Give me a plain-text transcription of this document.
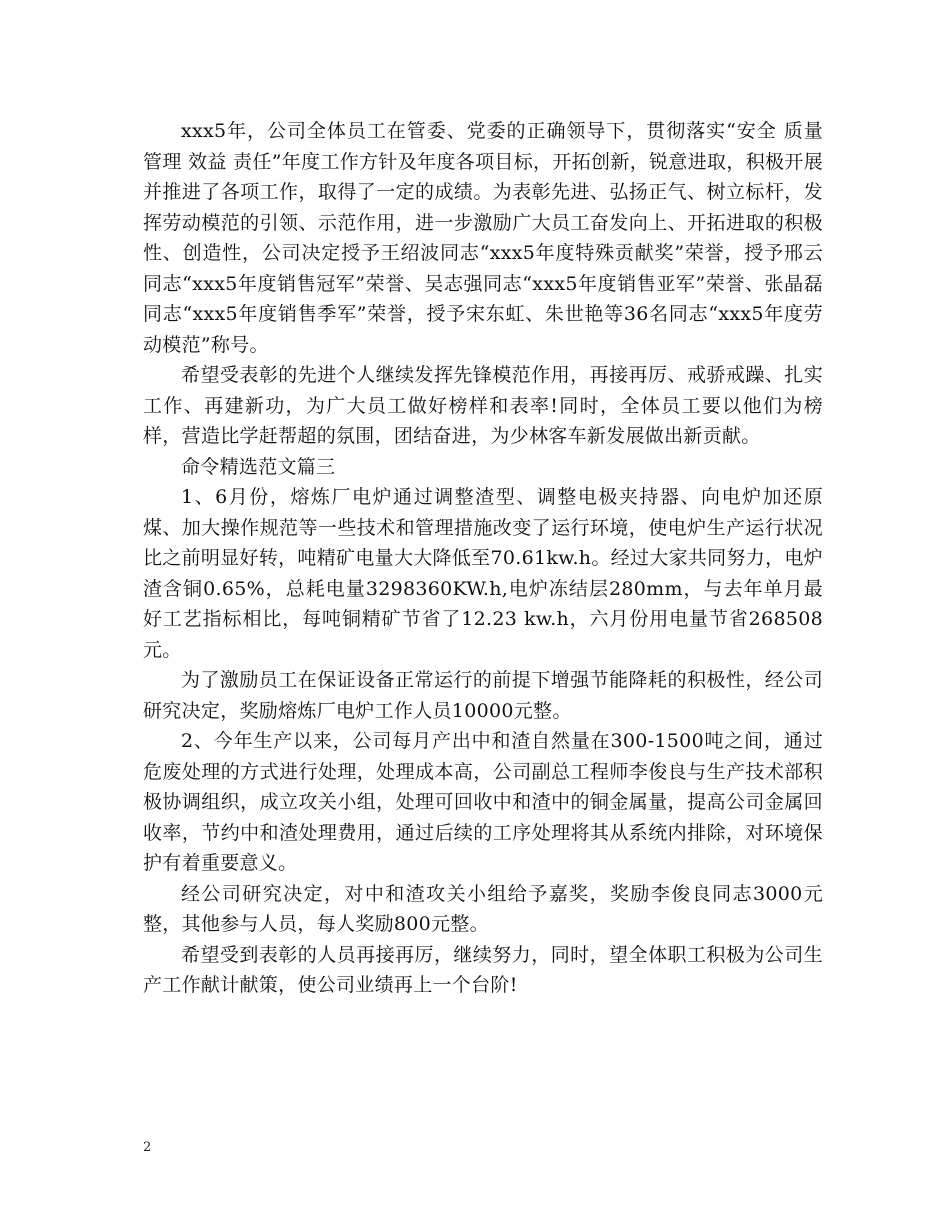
xxx5年，公司全体员工在管委、党委的正确领导下，贯彻落实“安全 质量 管理 效益 责任”年度工作方针及年度各项目标，开拓创新，锐意进取，积极开展并推进了各项工作，取得了一定的成绩。为表彰先进、弘扬正气、树立标杆，发挥劳动模范的引领、示范作用，进一步激励广大员工奋发向上、开拓进取的积极性、创造性，公司决定授予王绍波同志“xxx5年度特殊贡献奖”荣誉，授予邢云同志“xxx5年度销售冠军”荣誉、吴志强同志“xxx5年度销售亚军”荣誉、张晶磊同志“xxx5年度销售季军”荣誉，授予宋东虹、朱世艳等36名同志“xxx5年度劳动模范”称号。

希望受表彰的先进个人继续发挥先锋模范作用，再接再厉、戒骄戒躁、扎实工作、再建新功，为广大员工做好榜样和表率!同时，全体员工要以他们为榜样，营造比学赶帮超的氛围，团结奋进，为少林客车新发展做出新贡献。

命令精选范文篇三

1、6月份，熔炼厂电炉通过调整渣型、调整电极夹持器、向电炉加还原煤、加大操作规范等一些技术和管理措施改变了运行环境，使电炉生产运行状况比之前明显好转，吨精矿电量大大降低至70.61kw.h。经过大家共同努力，电炉渣含铜0.65%，总耗电量3298360KW.h,电炉冻结层280mm，与去年单月最好工艺指标相比，每吨铜精矿节省了12.23 kw.h，六月份用电量节省268508元。

为了激励员工在保证设备正常运行的前提下增强节能降耗的积极性，经公司研究决定，奖励熔炼厂电炉工作人员10000元整。

2、今年生产以来，公司每月产出中和渣自然量在300-1500吨之间，通过危废处理的方式进行处理，处理成本高，公司副总工程师李俊良与生产技术部积极协调组织，成立攻关小组，处理可回收中和渣中的铜金属量，提高公司金属回收率，节约中和渣处理费用，通过后续的工序处理将其从系统内排除，对环境保护有着重要意义。

经公司研究决定，对中和渣攻关小组给予嘉奖，奖励李俊良同志3000元整，其他参与人员，每人奖励800元整。

希望受到表彰的人员再接再厉，继续努力，同时，望全体职工积极为公司生产工作献计献策，使公司业绩再上一个台阶!

2
